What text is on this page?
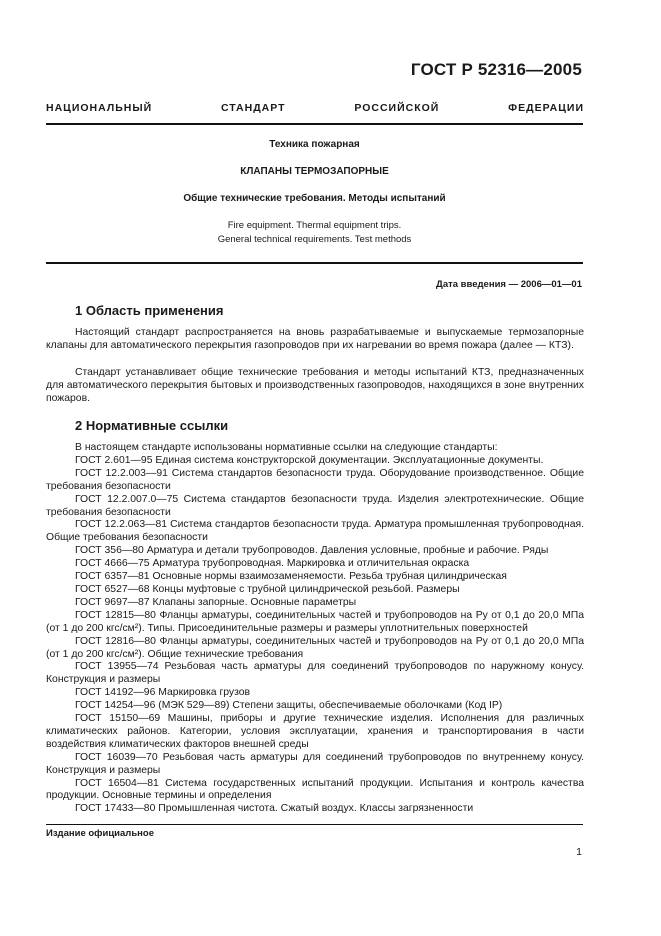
ГОСТ Р 52316—2005
НАЦИОНАЛЬНЫЙ СТАНДАРТ РОССИЙСКОЙ ФЕДЕРАЦИИ
Техника пожарная
КЛАПАНЫ ТЕРМОЗАПОРНЫЕ
Общие технические требования. Методы испытаний
Fire equipment. Thermal equipment trips.
General technical requirements. Test methods
Дата введения — 2006—01—01
1 Область применения

Настоящий стандарт распространяется на вновь разрабатываемые и выпускаемые термозапорные клапаны для автоматического перекрытия газопроводов при их нагревании во время пожара (далее — КТЗ).

Стандарт устанавливает общие технические требования и методы испытаний КТЗ, предназначенных для автоматического перекрытия бытовых и производственных газопроводов, находящихся в зоне внутренних пожаров.

2 Нормативные ссылки
В настоящем стандарте использованы нормативные ссылки на следующие стандарты:
ГОСТ 2.601—95 Единая система конструкторской документации. Эксплуатационные документы.
ГОСТ 12.2.003—91 Система стандартов безопасности труда. Оборудование производственное. Общие требования безопасности
ГОСТ 12.2.007.0—75 Система стандартов безопасности труда. Изделия электротехнические. Общие требования безопасности
ГОСТ 12.2.063—81 Система стандартов безопасности труда. Арматура промышленная трубопроводная. Общие требования безопасности
ГОСТ 356—80 Арматура и детали трубопроводов. Давления условные, пробные и рабочие. Ряды
ГОСТ 4666—75 Арматура трубопроводная. Маркировка и отличительная окраска
ГОСТ 6357—81 Основные нормы взаимозаменяемости. Резьба трубная цилиндрическая
ГОСТ 6527—68 Концы муфтовые с трубной цилиндрической резьбой. Размеры
ГОСТ 9697—87 Клапаны запорные. Основные параметры
ГОСТ 12815—80 Фланцы арматуры, соединительных частей и трубопроводов на Pу от 0,1 до 20,0 МПа (от 1 до 200 кгс/см²). Типы. Присоединительные размеры и размеры уплотнительных поверхностей
ГОСТ 12816—80 Фланцы арматуры, соединительных частей и трубопроводов на Pу от 0,1 до 20,0 МПа (от 1 до 200 кгс/см²). Общие технические требования
ГОСТ 13955—74 Резьбовая часть арматуры для соединений трубопроводов по наружному конусу. Конструкция и размеры
ГОСТ 14192—96 Маркировка грузов
ГОСТ 14254—96 (МЭК 529—89) Степени защиты, обеспечиваемые оболочками (Код IP)
ГОСТ 15150—69 Машины, приборы и другие технические изделия. Исполнения для различных климатических районов. Категории, условия эксплуатации, хранения и транспортирования в части воздействия климатических факторов внешней среды
ГОСТ 16039—70 Резьбовая часть арматуры для соединений трубопроводов по внутреннему конусу. Конструкция и размеры
ГОСТ 16504—81 Система государственных испытаний продукции. Испытания и контроль качества продукции. Основные термины и определения
ГОСТ 17433—80 Промышленная чистота. Сжатый воздух. Классы загрязненности
Издание официальное
1
